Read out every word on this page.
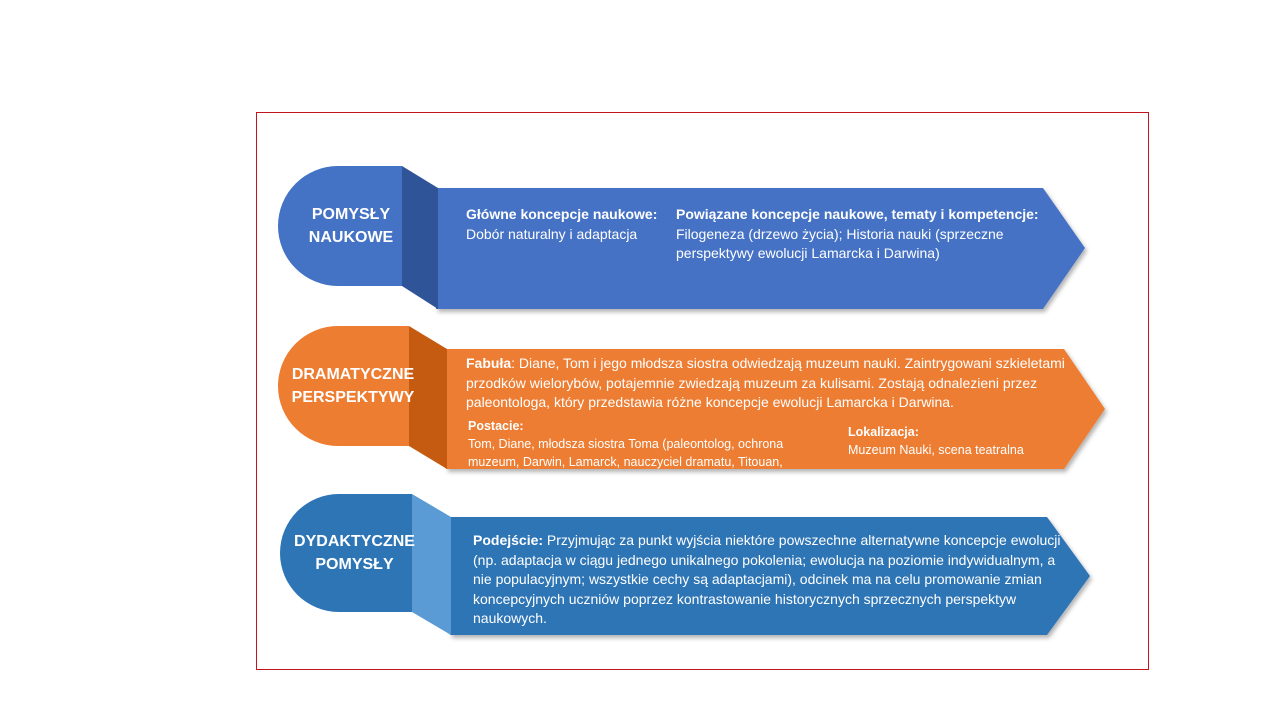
POMYSŁY
NAUKOWE
Główne koncepcje naukowe: Dobór naturalny i adaptacja
Powiązane koncepcje naukowe, tematy i kompetencje: Filogeneza (drzewo życia); Historia nauki (sprzeczne perspektywy ewolucji Lamarcka i Darwina)
DRAMATYCZNE
PERSPEKTYWY
Fabuła: Diane, Tom i jego młodsza siostra odwiedzają muzeum nauki. Zaintrygowani szkieletami przodków wielorybów, potajemnie zwiedzają muzeum za kulisami. Zostają odnalezieni przez paleontologa, który przedstawia różne koncepcje ewolucji Lamarcka i Darwina.
Postacie:
Tom, Diane, młodsza siostra Toma (paleontolog, ochrona muzeum, Darwin, Lamarck, nauczyciel dramatu, Titouan,
Lokalizacja:
Muzeum Nauki, scena teatralna
DYDAKTYCZNE
POMYSŁY
Podejście: Przyjmując za punkt wyjścia niektóre powszechne alternatywne koncepcje ewolucji (np. adaptacja w ciągu jednego unikalnego pokolenia; ewolucja na poziomie indywidualnym, a nie populacyjnym; wszystkie cechy są adaptacjami), odcinek ma na celu promowanie zmian koncepcyjnych uczniów poprzez kontrastowanie historycznych sprzecznych perspektyw naukowych.
